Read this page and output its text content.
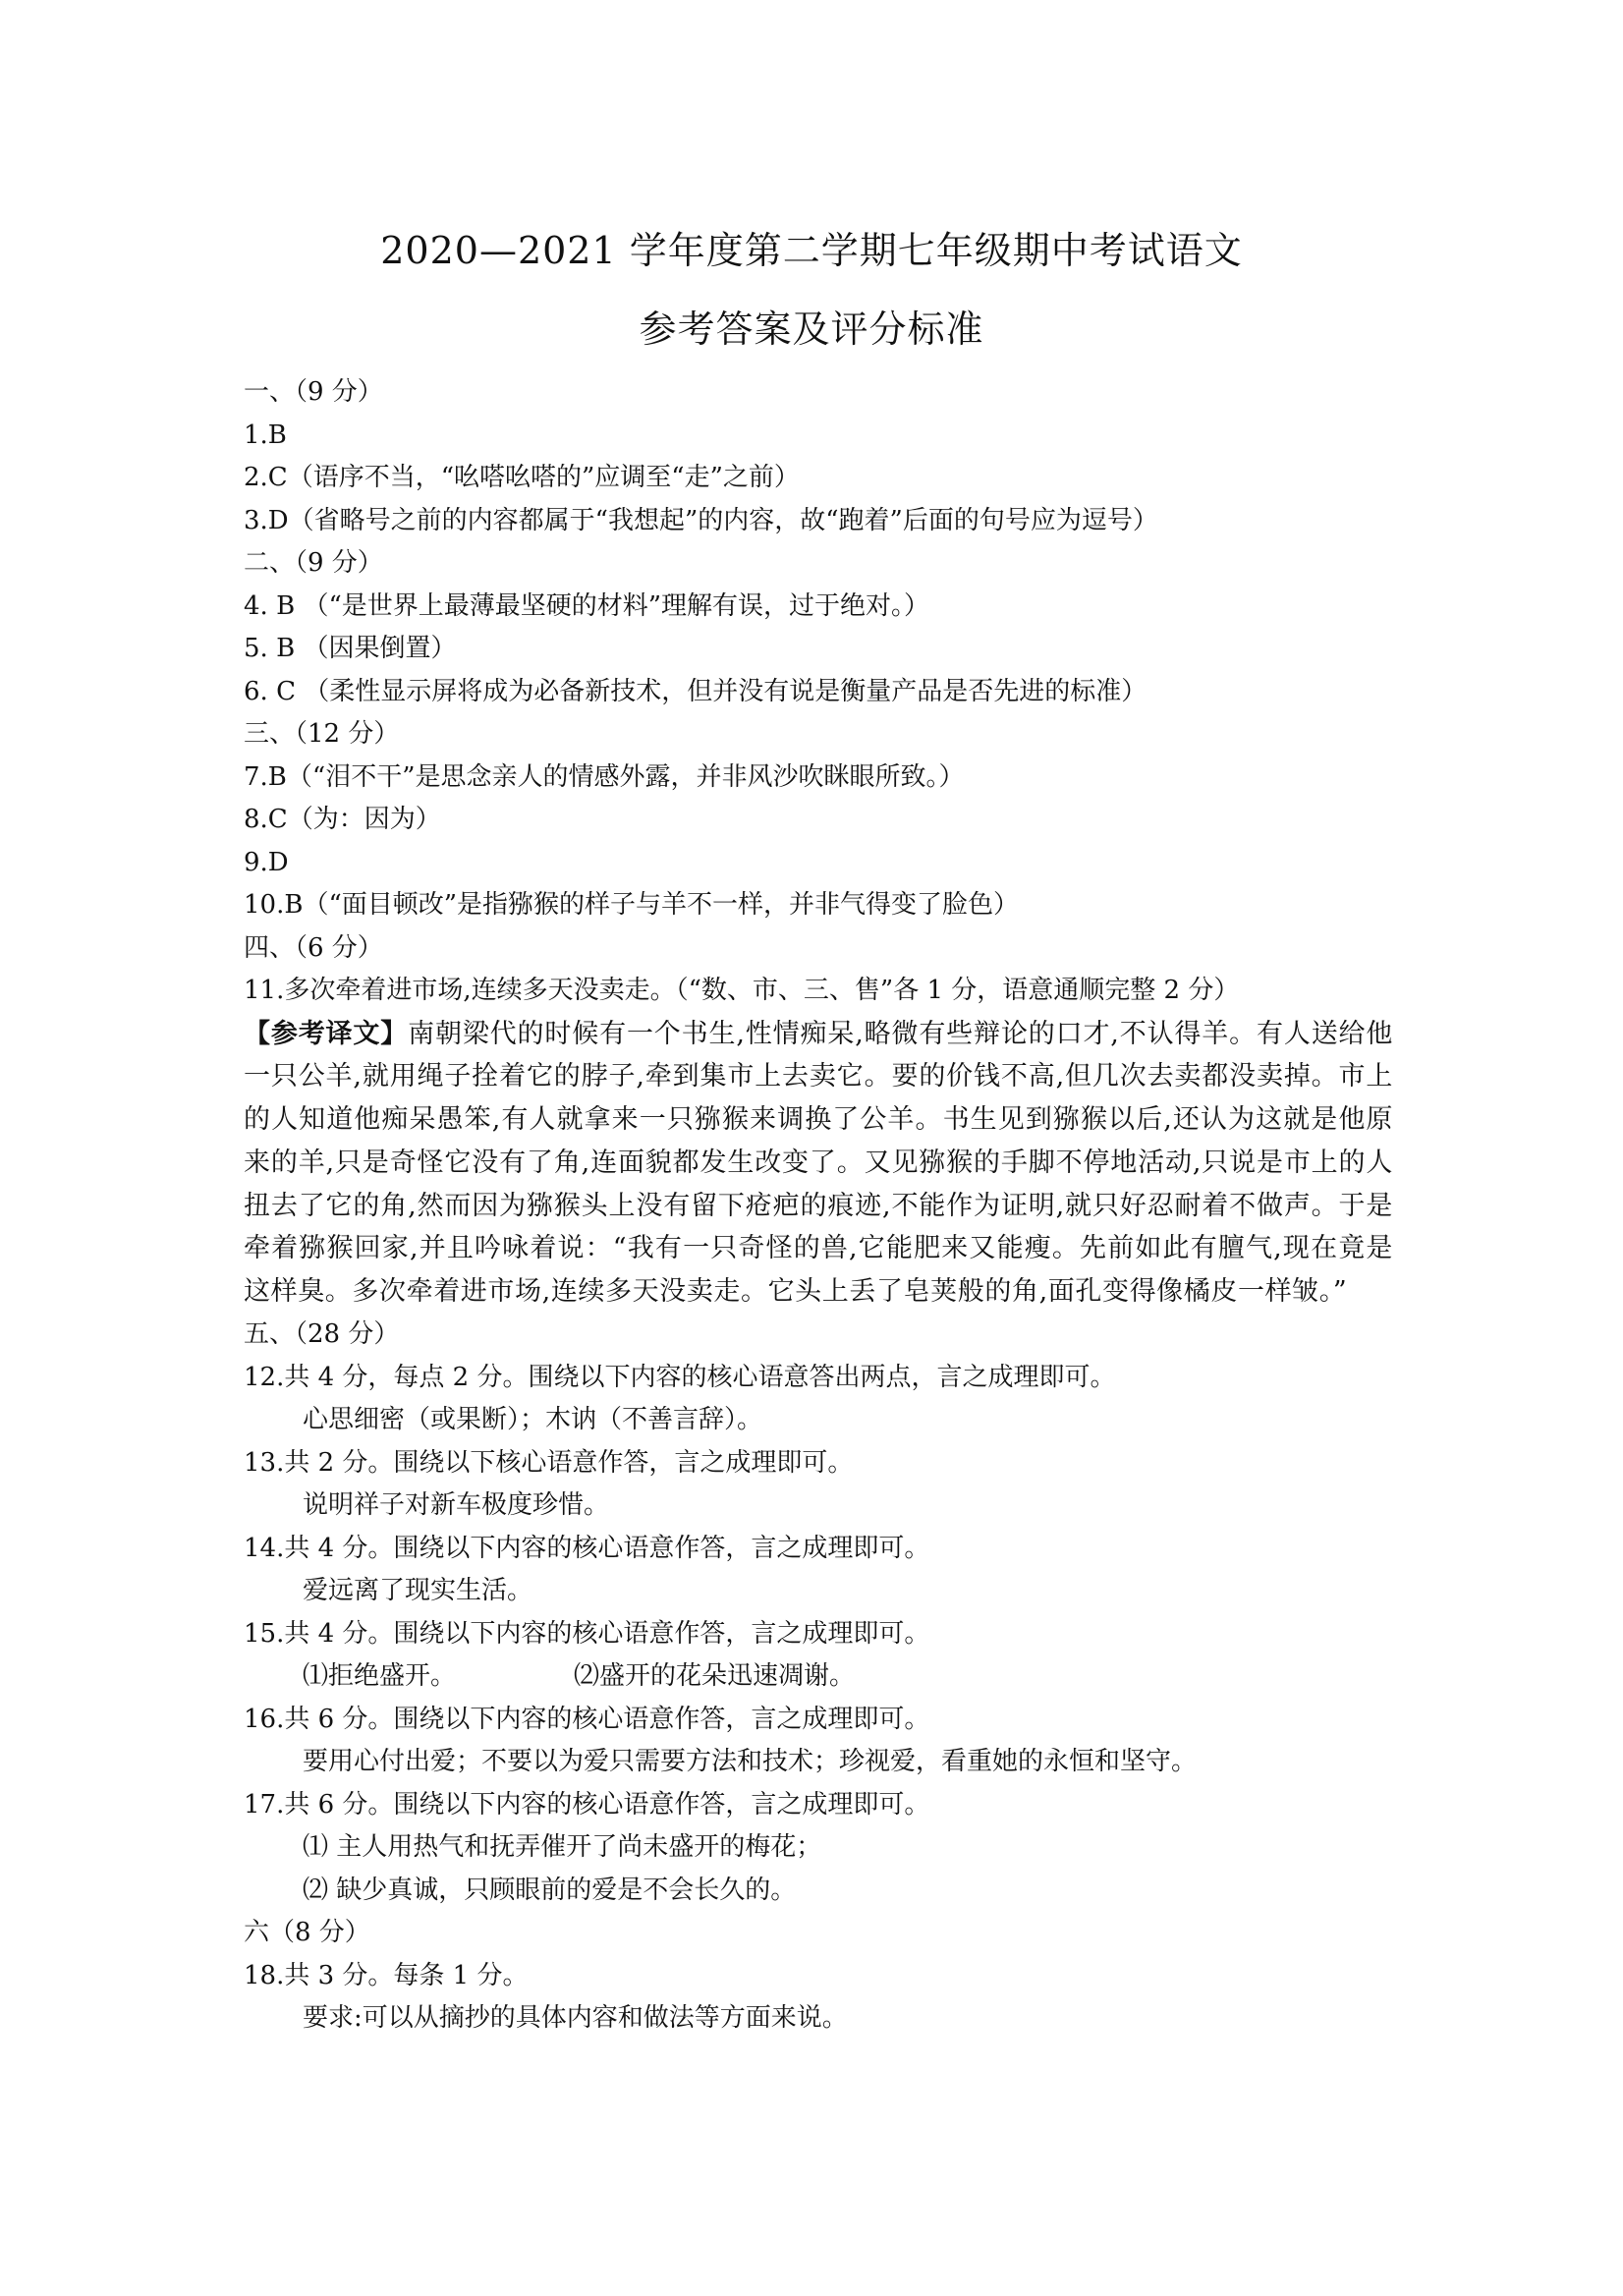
2020—2021 学年度第二学期七年级期中考试语文
参考答案及评分标准
一、（9 分）
1.B
2.C（语序不当，“吆嗒吆嗒的”应调至“走”之前）
3.D（省略号之前的内容都属于“我想起”的内容，故“跑着”后面的句号应为逗号）
二、（9 分）
4. B （“是世界上最薄最坚硬的材料”理解有误，过于绝对。）
5. B （因果倒置）
6. C （柔性显示屏将成为必备新技术，但并没有说是衡量产品是否先进的标准）
三、（12 分）
7.B（“泪不干”是思念亲人的情感外露，并非风沙吹眯眼所致。）
8.C（为：因为）
9.D
10.B（“面目顿改”是指猕猴的样子与羊不一样，并非气得变了脸色）
四、（6 分）
11.多次牵着进市场,连续多天没卖走。（“数、市、三、售”各 1 分，语意通顺完整 2 分）

【参考译文】南朝梁代的时候有一个书生,性情痴呆,略微有些辩论的口才,不认得羊。有人送给他一只公羊,就用绳子拴着它的脖子,牵到集市上去卖它。要的价钱不高,但几次去卖都没卖掉。市上的人知道他痴呆愚笨,有人就拿来一只猕猴来调换了公羊。书生见到猕猴以后,还认为这就是他原来的羊,只是奇怪它没有了角,连面貌都发生改变了。又见猕猴的手脚不停地活动,只说是市上的人扭去了它的角,然而因为猕猴头上没有留下疮疤的痕迹,不能作为证明,就只好忍耐着不做声。于是牵着猕猴回家,并且吟咏着说：“我有一只奇怪的兽,它能肥来又能瘦。先前如此有膻气,现在竟是这样臭。多次牵着进市场,连续多天没卖走。它头上丢了皂荚般的角,面孔变得像橘皮一样皱。”

五、（28 分）
12.共 4 分，每点 2 分。围绕以下内容的核心语意答出两点，言之成理即可。
心思细密（或果断）；木讷（不善言辞）。
13.共 2 分。围绕以下核心语意作答，言之成理即可。
说明祥子对新车极度珍惜。
14.共 4 分。围绕以下内容的核心语意作答，言之成理即可。
爱远离了现实生活。
15.共 4 分。围绕以下内容的核心语意作答，言之成理即可。
⑴拒绝盛开。	⑵盛开的花朵迅速凋谢。
16.共 6 分。围绕以下内容的核心语意作答，言之成理即可。
要用心付出爱；不要以为爱只需要方法和技术；珍视爱，看重她的永恒和坚守。
17.共 6 分。围绕以下内容的核心语意作答，言之成理即可。
⑴ 主人用热气和抚弄催开了尚未盛开的梅花；
⑵ 缺少真诚，只顾眼前的爱是不会长久的。
六（8 分）
18.共 3 分。每条 1 分。
要求:可以从摘抄的具体内容和做法等方面来说。
